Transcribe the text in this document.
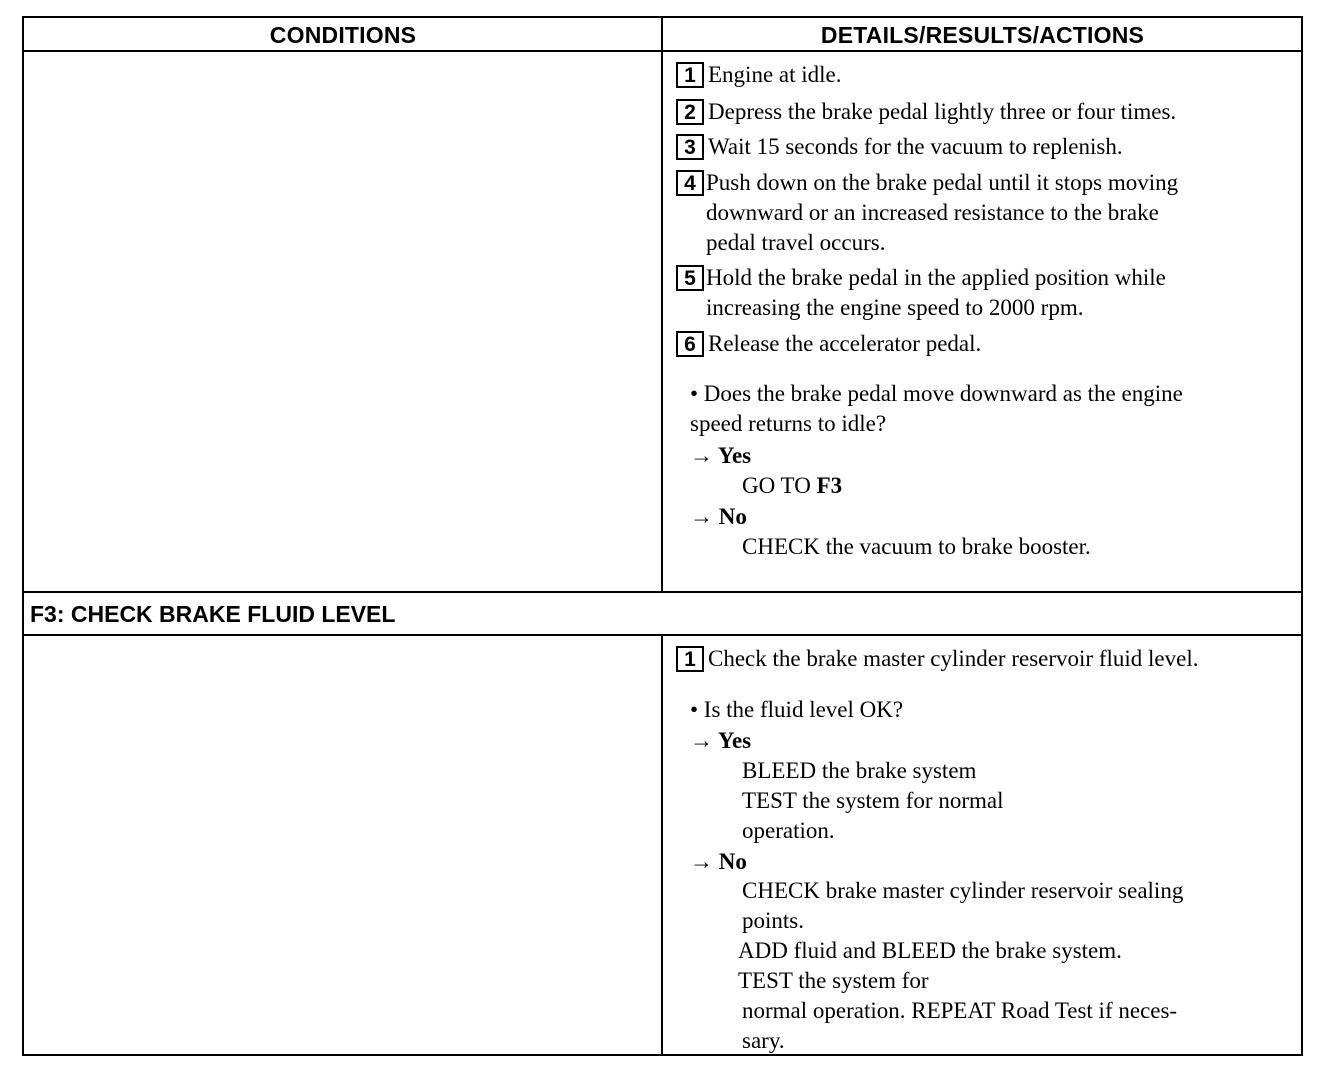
CONDITIONS	DETAILS/RESULTS/ACTIONS
1 Engine at idle.
2 Depress the brake pedal lightly three or four times.
3 Wait 15 seconds for the vacuum to replenish.
4 Push down on the brake pedal until it stops moving
downward or an increased resistance to the brake
pedal travel occurs.
5 Hold the brake pedal in the applied position while
increasing the engine speed to 2000 rpm.
6 Release the accelerator pedal.
• Does the brake pedal move downward as the engine
speed returns to idle?
→ Yes
GO TO F3
→ No
CHECK the vacuum to brake booster.
F3: CHECK BRAKE FLUID LEVEL
1 Check the brake master cylinder reservoir fluid level.
• Is the fluid level OK?
→ Yes
BLEED the brake system
TEST the system for normal
operation.
→ No
CHECK brake master cylinder reservoir sealing
points.
ADD fluid and BLEED the brake system.
TEST the system for
normal operation. REPEAT Road Test if neces-
sary.
